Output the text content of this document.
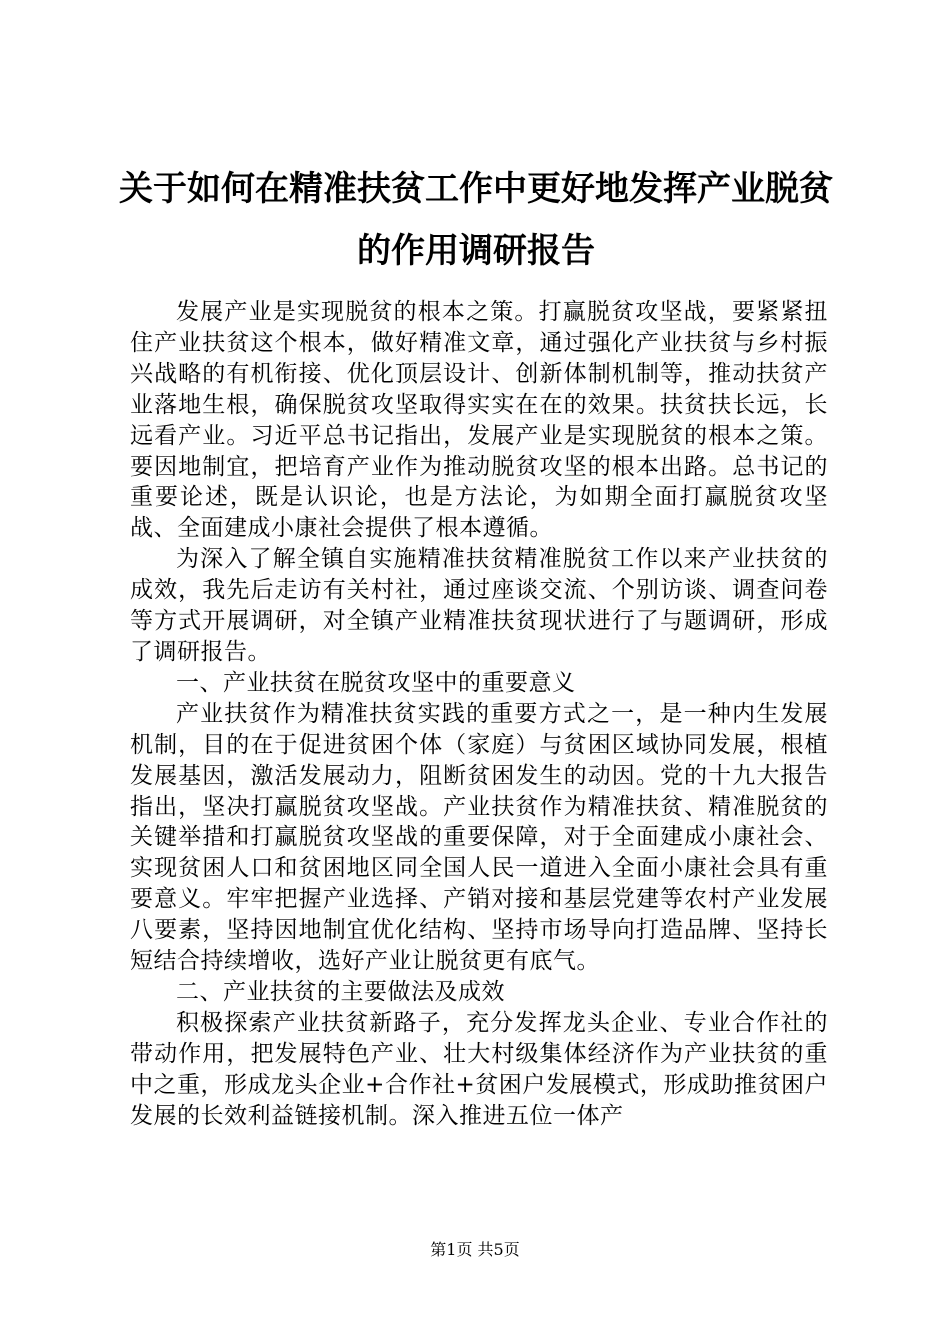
关于如何在精准扶贫工作中更好地发挥产业脱贫的作用调研报告

发展产业是实现脱贫的根本之策。打赢脱贫攻坚战，要紧紧扭住产业扶贫这个根本，做好精准文章，通过强化产业扶贫与乡村振兴战略的有机衔接、优化顶层设计、创新体制机制等，推动扶贫产业落地生根，确保脱贫攻坚取得实实在在的效果。扶贫扶长远，长远看产业。习近平总书记指出，发展产业是实现脱贫的根本之策。要因地制宜，把培育产业作为推动脱贫攻坚的根本出路。总书记的重要论述，既是认识论，也是方法论，为如期全面打赢脱贫攻坚战、全面建成小康社会提供了根本遵循。

为深入了解全镇自实施精准扶贫精准脱贫工作以来产业扶贫的成效，我先后走访有关村社，通过座谈交流、个别访谈、调查问卷等方式开展调研，对全镇产业精准扶贫现状进行了与题调研，形成了调研报告。

一、产业扶贫在脱贫攻坚中的重要意义

产业扶贫作为精准扶贫实践的重要方式之一，是一种内生发展机制，目的在于促进贫困个体（家庭）与贫困区域协同发展，根植发展基因，激活发展动力，阻断贫困发生的动因。党的十九大报告指出，坚决打赢脱贫攻坚战。产业扶贫作为精准扶贫、精准脱贫的关键举措和打赢脱贫攻坚战的重要保障，对于全面建成小康社会、实现贫困人口和贫困地区同全国人民一道进入全面小康社会具有重要意义。牢牢把握产业选择、产销对接和基层党建等农村产业发展八要素，坚持因地制宜优化结构、坚持市场导向打造品牌、坚持长短结合持续增收，选好产业让脱贫更有底气。

二、产业扶贫的主要做法及成效

积极探索产业扶贫新路子，充分发挥龙头企业、专业合作社的带动作用，把发展特色产业、壮大村级集体经济作为产业扶贫的重中之重，形成龙头企业+合作社+贫困户发展模式，形成助推贫困户发展的长效利益链接机制。深入推进五位一体产

第1页 共5页
